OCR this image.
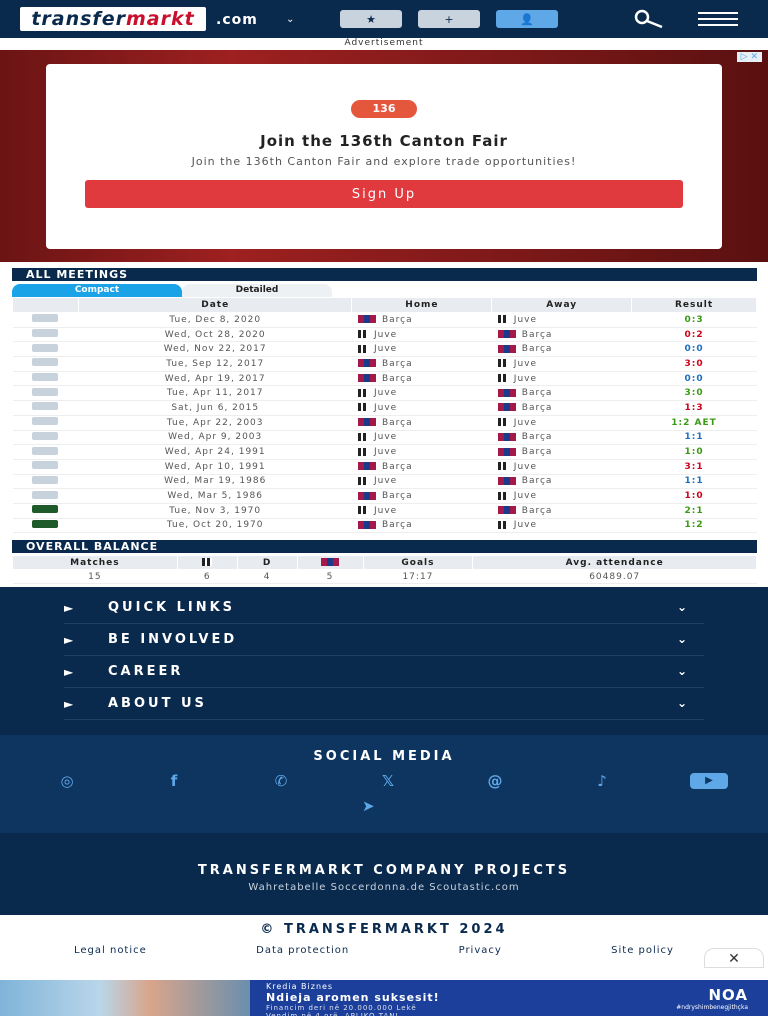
transfer markt .com	⌄	★	+	👤
Advertisement
▷ ✕
136
Join the 136th Canton Fair
Join the 136th Canton Fair and explore trade opportunities!
Sign Up
ALL MEETINGS
Compact	Detailed
	Date	Home	Away	Result
	Tue, Dec 8, 2020	Barça	Juve	0:3
	Wed, Oct 28, 2020	Juve	Barça	0:2
	Wed, Nov 22, 2017	Juve	Barça	0:0
	Tue, Sep 12, 2017	Barça	Juve	3:0
	Wed, Apr 19, 2017	Barça	Juve	0:0
	Tue, Apr 11, 2017	Juve	Barça	3:0
	Sat, Jun 6, 2015	Juve	Barça	1:3
	Tue, Apr 22, 2003	Barça	Juve	1:2 AET
	Wed, Apr 9, 2003	Juve	Barça	1:1
	Wed, Apr 24, 1991	Juve	Barça	1:0
	Wed, Apr 10, 1991	Barça	Juve	3:1
	Wed, Mar 19, 1986	Juve	Barça	1:1
	Wed, Mar 5, 1986	Barça	Juve	1:0
	Tue, Nov 3, 1970	Juve	Barça	2:1
	Tue, Oct 20, 1970	Barça	Juve	1:2
OVERALL BALANCE
Matches		D		Goals	Avg. attendance
15	6	4	5	17:17	60489.07
►	QUICK LINKS	⌄
►	BE INVOLVED	⌄
►	CAREER	⌄
►	ABOUT US	⌄
SOCIAL MEDIA
◎	f	✆	𝕏	@	♪	▶
➤
TRANSFERMARKT COMPANY PROJECTS
Wahretabelle Soccerdonna.de Scoutastic.com
© TRANSFERMARKT 2024
Legal notice	Data protection	Privacy	Site policy
✕
Kredia Biznes
Ndieja aromen suksesit!
Financim deri në 20.000.000 Lekë
Vendim në 4 orë. APLIKO TANI
NOA
#ndryshimbenegjithçka
